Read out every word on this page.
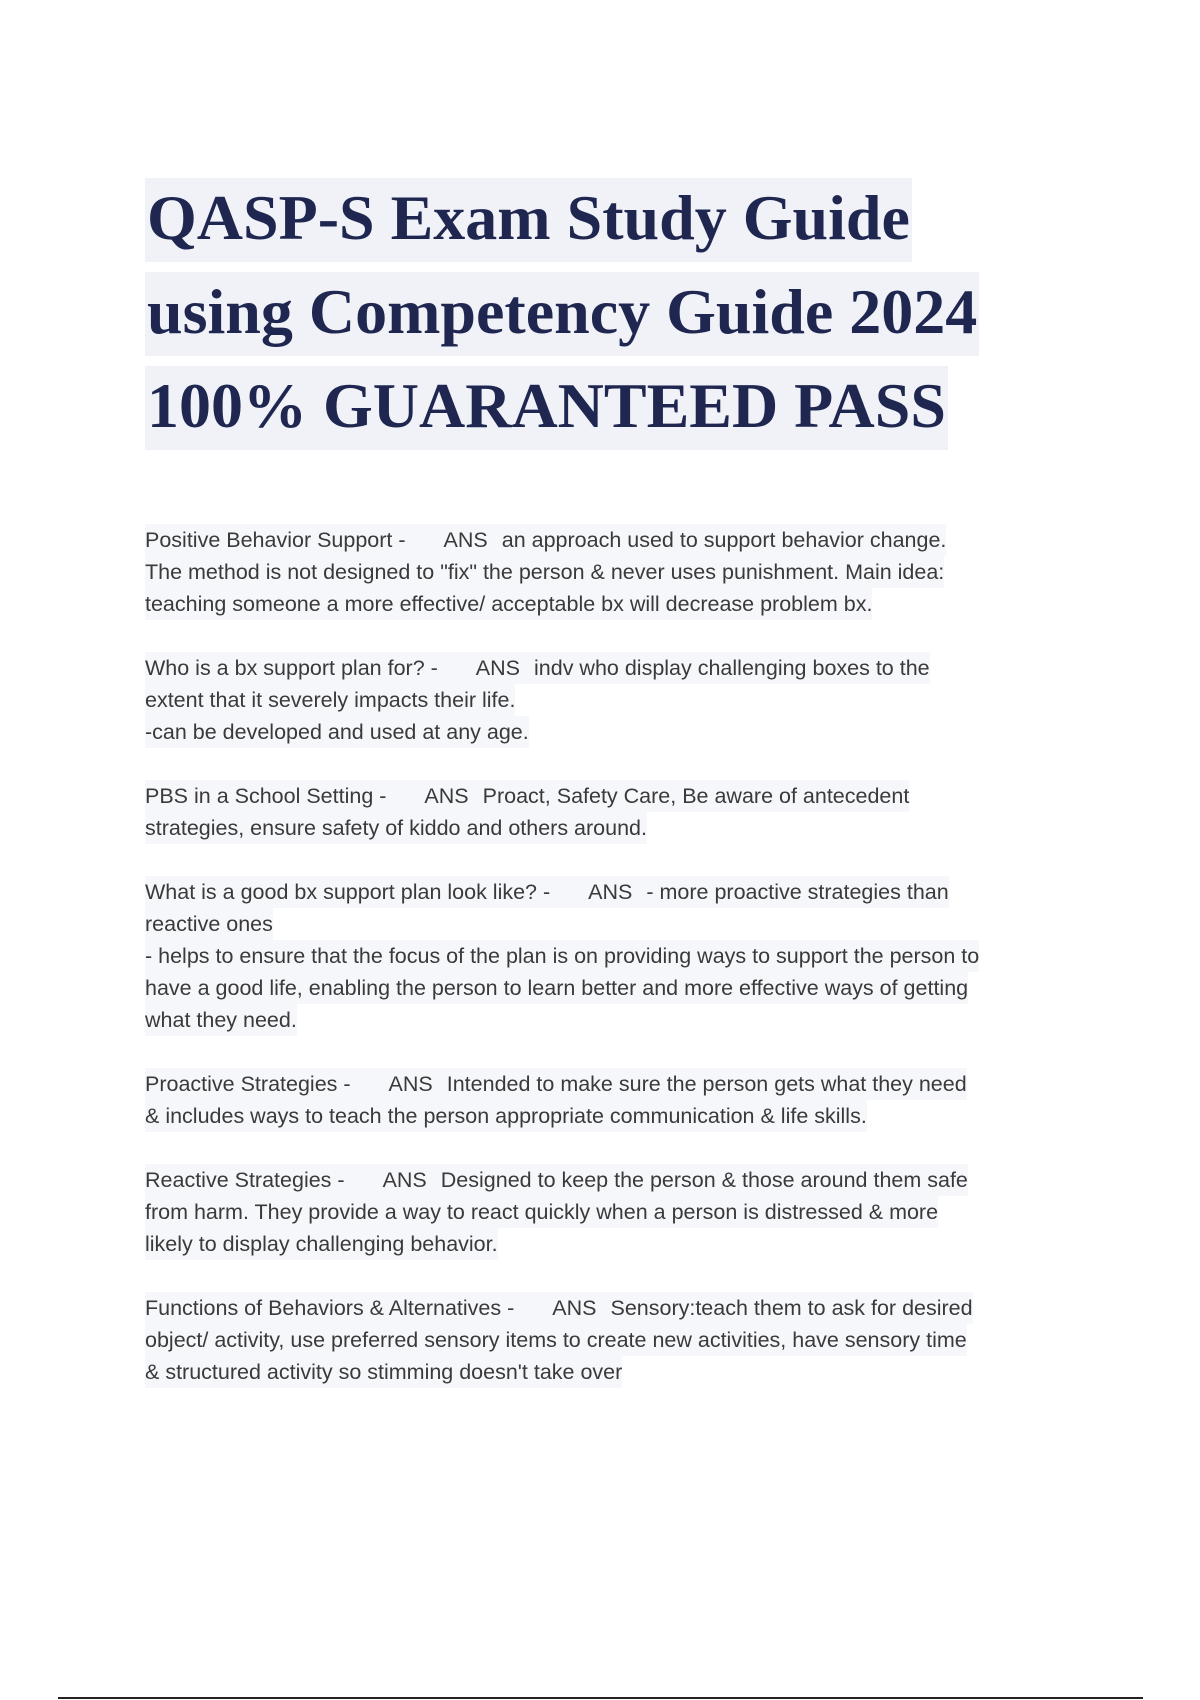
QASP-S Exam Study Guide
using Competency Guide 2024
100% GUARANTEED PASS
Positive Behavior Support - ANS an approach used to support behavior change.
The method is not designed to "fix" the person & never uses punishment. Main idea:
teaching someone a more effective/ acceptable bx will decrease problem bx.
Who is a bx support plan for? - ANS indv who display challenging boxes to the
extent that it severely impacts their life.
-can be developed and used at any age.
PBS in a School Setting - ANS Proact, Safety Care, Be aware of antecedent
strategies, ensure safety of kiddo and others around.
What is a good bx support plan look like? - ANS - more proactive strategies than
reactive ones
- helps to ensure that the focus of the plan is on providing ways to support the person to
have a good life, enabling the person to learn better and more effective ways of getting
what they need.
Proactive Strategies - ANS Intended to make sure the person gets what they need
& includes ways to teach the person appropriate communication & life skills.
Reactive Strategies - ANS Designed to keep the person & those around them safe
from harm. They provide a way to react quickly when a person is distressed & more
likely to display challenging behavior.
Functions of Behaviors & Alternatives - ANS Sensory:teach them to ask for desired
object/ activity, use preferred sensory items to create new activities, have sensory time
& structured activity so stimming doesn't take over
